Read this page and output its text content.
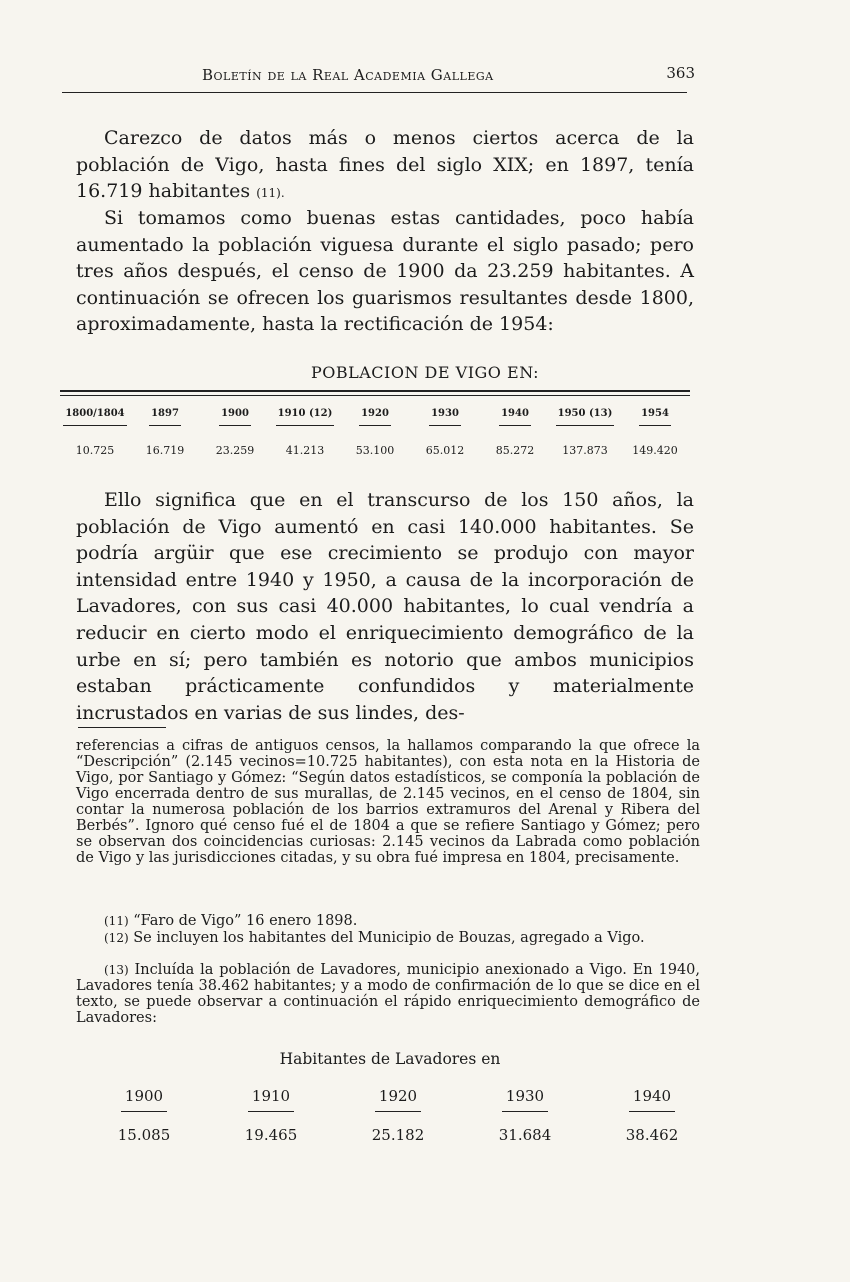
Boletín de la Real Academia Gallega	363

Carezco de datos más o menos ciertos acerca de la población de Vigo, hasta fines del siglo XIX; en 1897, tenía 16.719 habitantes (11).

Si tomamos como buenas estas cantidades, poco había aumentado la población viguesa durante el siglo pasado; pero tres años después, el censo de 1900 da 23.259 habitantes. A continuación se ofrecen los guarismos resultantes desde 1800, aproximadamente, hasta la rectificación de 1954:

POBLACION DE VIGO EN:
1800/1804	1897	1900	1910 (12)	1920	1930	1940	1950 (13)	1954
10.725	16.719	23.259	41.213	53.100	65.012	85.272	137.873	149.420

Ello significa que en el transcurso de los 150 años, la población de Vigo aumentó en casi 140.000 habitantes. Se podría argüir que ese crecimiento se produjo con mayor intensidad entre 1940 y 1950, a causa de la incorporación de Lavadores, con sus casi 40.000 habitantes, lo cual vendría a reducir en cierto modo el enriquecimiento demográfico de la urbe en sí; pero también es notorio que ambos municipios estaban prácticamente confundidos y materialmente incrustados en varias de sus lindes, des-

referencias a cifras de antiguos censos, la hallamos comparando la que ofrece la “Descripción” (2.145 vecinos=10.725 habitantes), con esta nota en la Historia de Vigo, por Santiago y Gómez: “Según datos estadísticos, se componía la población de Vigo encerrada dentro de sus murallas, de 2.145 vecinos, en el censo de 1804, sin contar la numerosa población de los barrios extramuros del Arenal y Ribera del Berbés”. Ignoro qué censo fué el de 1804 a que se refiere Santiago y Gómez; pero se observan dos coincidencias curiosas: 2.145 vecinos da Labrada como población de Vigo y las jurisdicciones citadas, y su obra fué impresa en 1804, precisamente.

(11) “Faro de Vigo” 16 enero 1898.

(12) Se incluyen los habitantes del Municipio de Bouzas, agregado a Vigo.

(13) Incluída la población de Lavadores, municipio anexionado a Vigo. En 1940, Lavadores tenía 38.462 habitantes; y a modo de confirmación de lo que se dice en el texto, se puede observar a continuación el rápido enriquecimiento demográfico de Lavadores:

Habitantes de Lavadores en
1900	1910	1920	1930	1940
15.085	19.465	25.182	31.684	38.462
